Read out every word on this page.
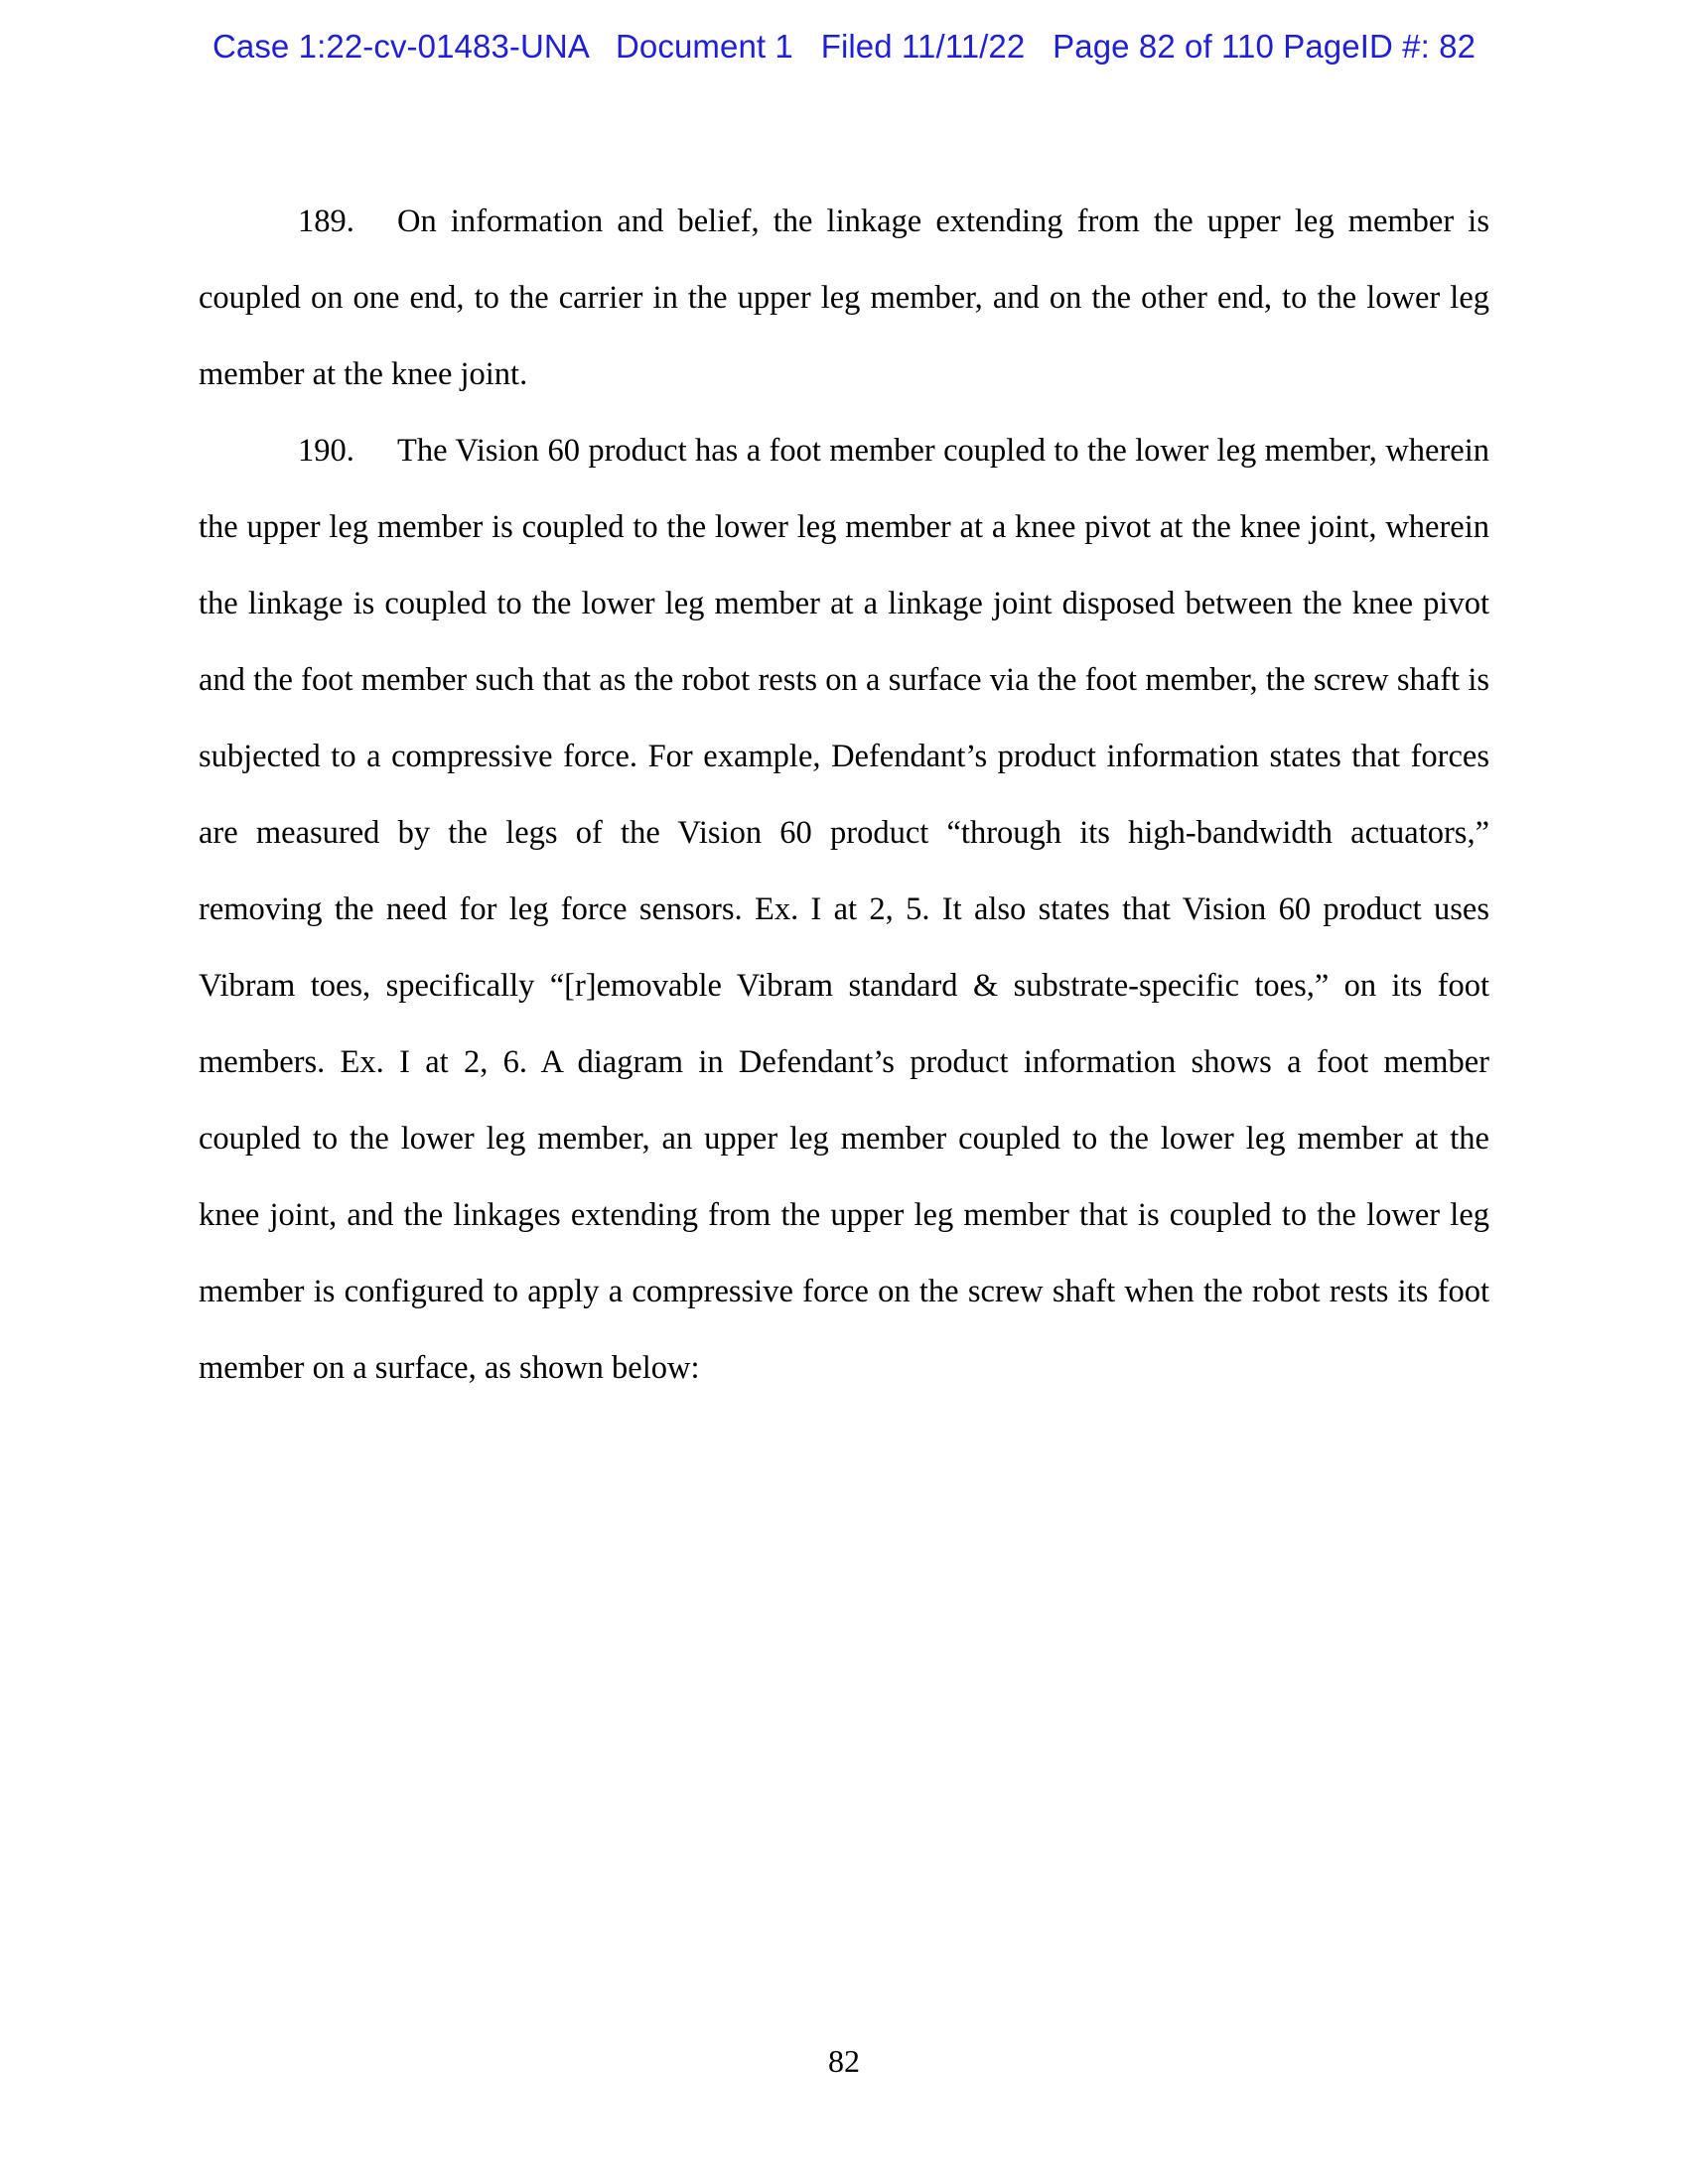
Case 1:22-cv-01483-UNA   Document 1   Filed 11/11/22   Page 82 of 110 PageID #: 82

189. On information and belief, the linkage extending from the upper leg member is coupled on one end, to the carrier in the upper leg member, and on the other end, to the lower leg member at the knee joint.

190. The Vision 60 product has a foot member coupled to the lower leg member, wherein the upper leg member is coupled to the lower leg member at a knee pivot at the knee joint, wherein the linkage is coupled to the lower leg member at a linkage joint disposed between the knee pivot and the foot member such that as the robot rests on a surface via the foot member, the screw shaft is subjected to a compressive force. For example, Defendant’s product information states that forces are measured by the legs of the Vision 60 product “through its high-bandwidth actuators,” removing the need for leg force sensors. Ex. I at 2, 5. It also states that Vision 60 product uses Vibram toes, specifically “[r]emovable Vibram standard & substrate-specific toes,” on its foot members. Ex. I at 2, 6. A diagram in Defendant’s product information shows a foot member coupled to the lower leg member, an upper leg member coupled to the lower leg member at the knee joint, and the linkages extending from the upper leg member that is coupled to the lower leg member is configured to apply a compressive force on the screw shaft when the robot rests its foot member on a surface, as shown below:

82
